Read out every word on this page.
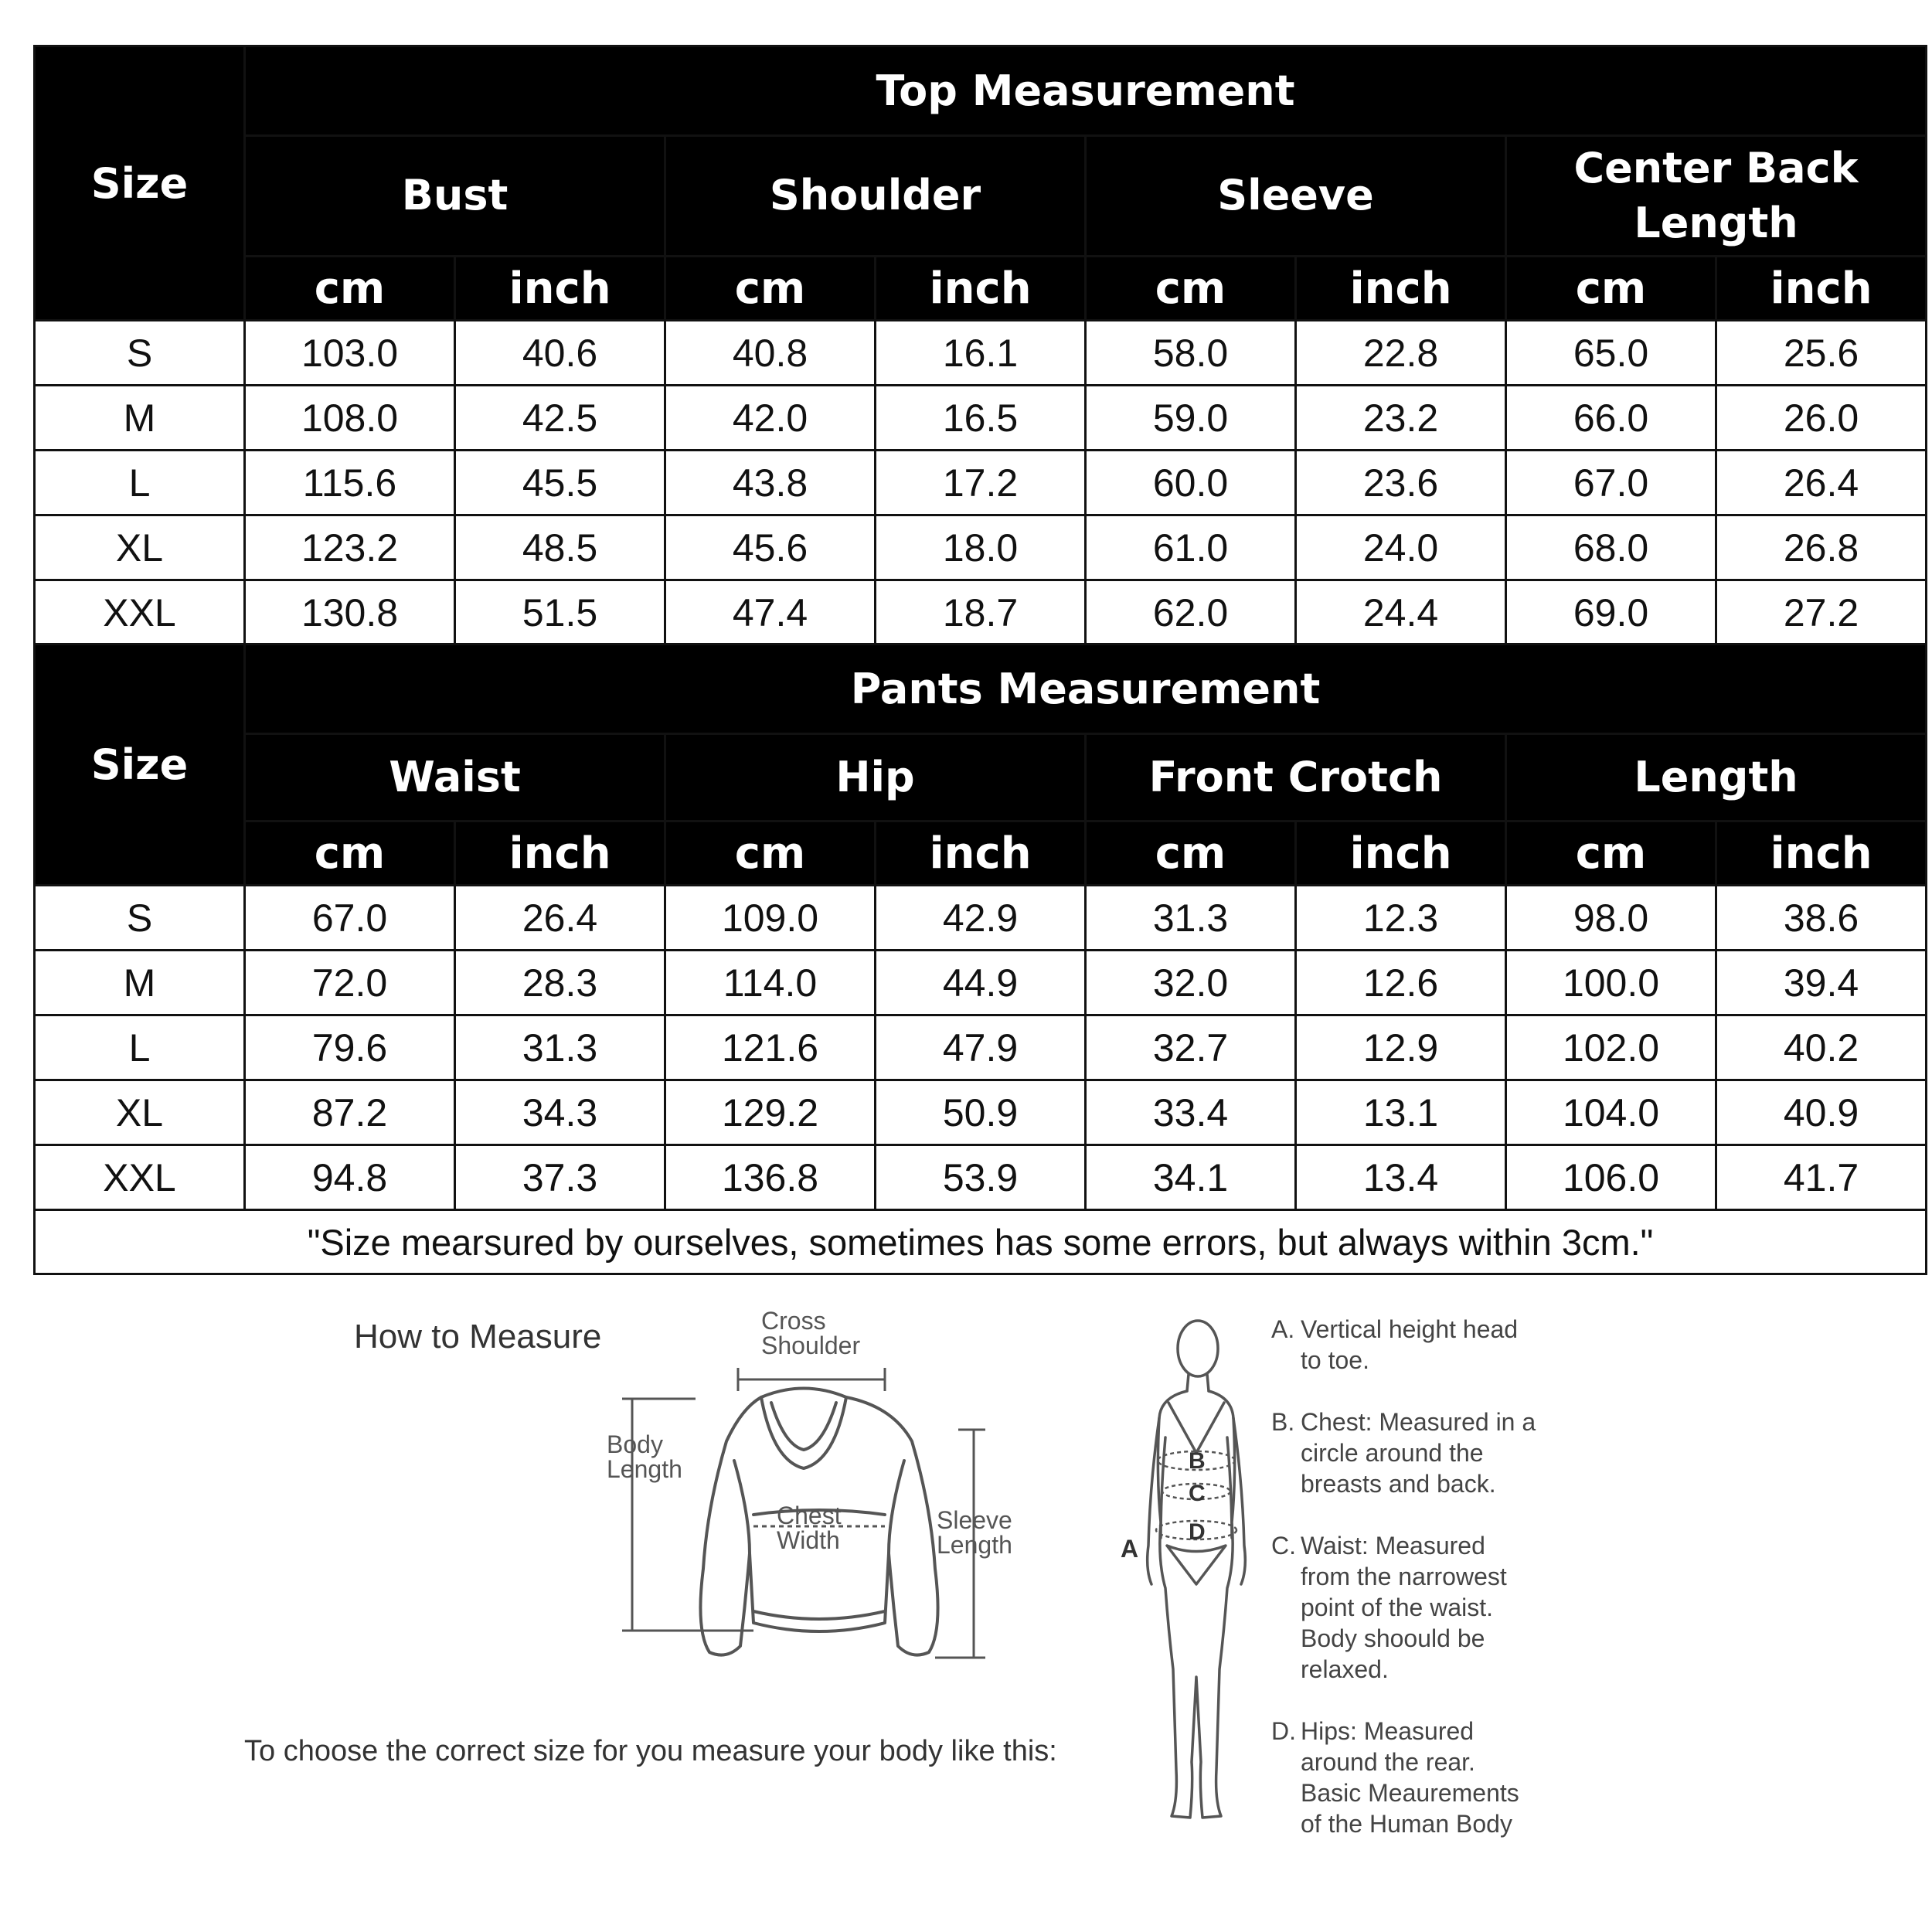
Size	Top Measurement							
	Bust		Shoulder		Sleeve		Center Back Length	
	cm	inch	cm	inch	cm	inch	cm	inch
S	103.0	40.6	40.8	16.1	58.0	22.8	65.0	25.6
M	108.0	42.5	42.0	16.5	59.0	23.2	66.0	26.0
L	115.6	45.5	43.8	17.2	60.0	23.6	67.0	26.4
XL	123.2	48.5	45.6	18.0	61.0	24.0	68.0	26.8
XXL	130.8	51.5	47.4	18.7	62.0	24.4	69.0	27.2
Size	Pants Measurement							
	Waist		Hip		Front Crotch		Length	
	cm	inch	cm	inch	cm	inch	cm	inch
S	67.0	26.4	109.0	42.9	31.3	12.3	98.0	38.6
M	72.0	28.3	114.0	44.9	32.0	12.6	100.0	39.4
L	79.6	31.3	121.6	47.9	32.7	12.9	102.0	40.2
XL	87.2	34.3	129.2	50.9	33.4	13.1	104.0	40.9
XXL	94.8	37.3	136.8	53.9	34.1	13.4	106.0	41.7
"Size mearsured by ourselves, sometimes has some errors, but always within 3cm."								
How to Measure
To choose the correct size for you measure your body like this:
Cross
Shoulder
Body
Length
Chest
Width
Sleeve
Length
B
C
D
A

A. Vertical height head
to toe.

B. Chest: Measured in a
circle around the
breasts and back.

C. Waist: Measured
from the narrowest
point of the waist.
Body shoould be
relaxed.

D. Hips: Measured
around the rear.
Basic Meaurements
of the Human Body
